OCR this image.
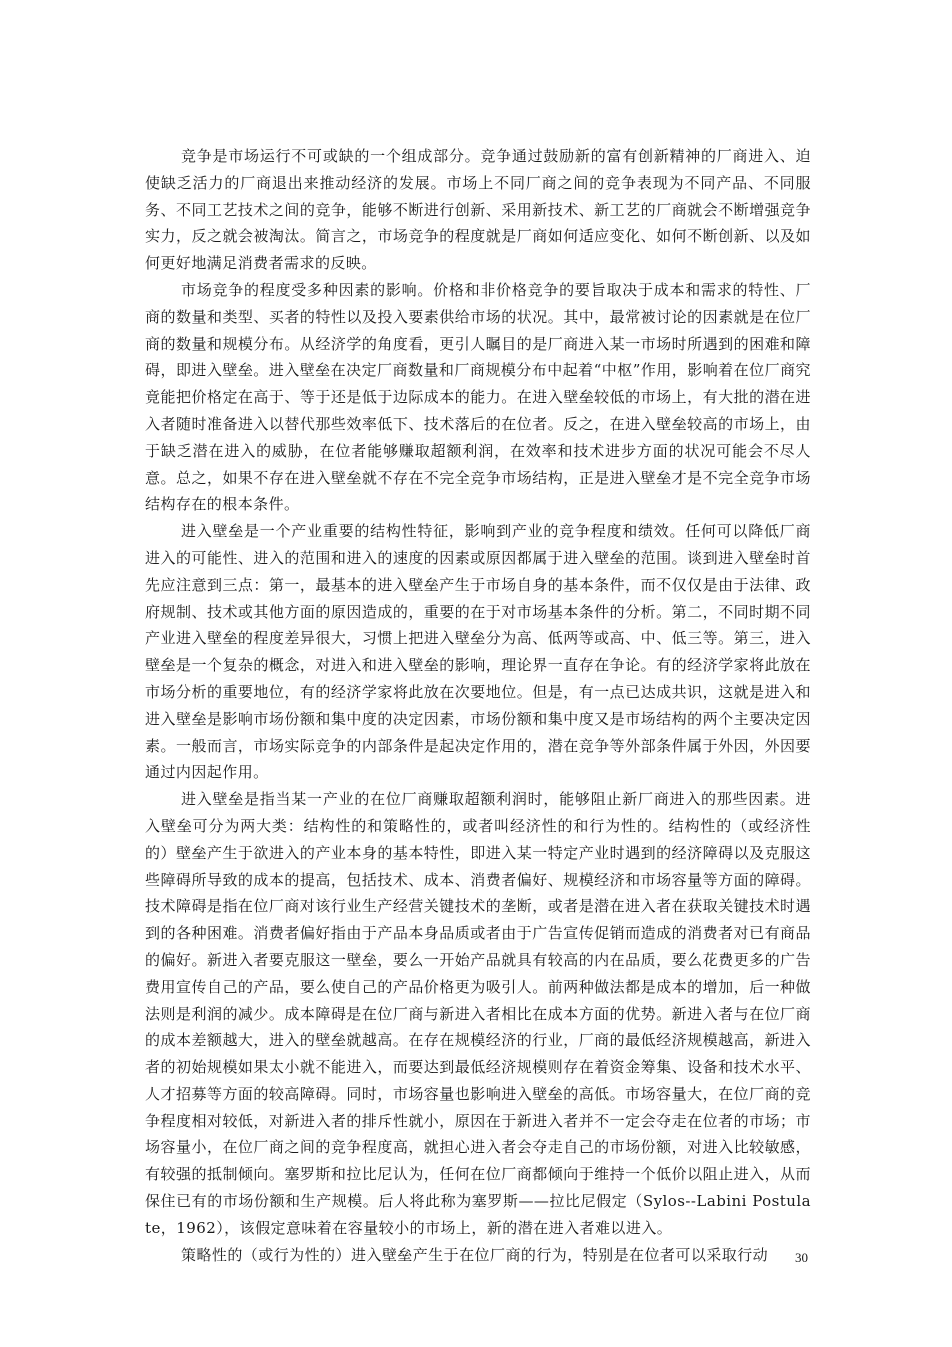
竞争是市场运行不可或缺的一个组成部分。竞争通过鼓励新的富有创新精神的厂商进入、迫使缺乏活力的厂商退出来推动经济的发展。市场上不同厂商之间的竞争表现为不同产品、不同服务、不同工艺技术之间的竞争，能够不断进行创新、采用新技术、新工艺的厂商就会不断增强竞争实力，反之就会被淘汰。简言之，市场竞争的程度就是厂商如何适应变化、如何不断创新、以及如何更好地满足消费者需求的反映。

市场竞争的程度受多种因素的影响。价格和非价格竞争的要旨取决于成本和需求的特性、厂商的数量和类型、买者的特性以及投入要素供给市场的状况。其中，最常被讨论的因素就是在位厂商的数量和规模分布。从经济学的角度看，更引人瞩目的是厂商进入某一市场时所遇到的困难和障碍，即进入壁垒。进入壁垒在决定厂商数量和厂商规模分布中起着“中枢”作用，影响着在位厂商究竟能把价格定在高于、等于还是低于边际成本的能力。在进入壁垒较低的市场上，有大批的潜在进入者随时准备进入以替代那些效率低下、技术落后的在位者。反之，在进入壁垒较高的市场上，由于缺乏潜在进入的威胁，在位者能够赚取超额利润，在效率和技术进步方面的状况可能会不尽人意。总之，如果不存在进入壁垒就不存在不完全竞争市场结构，正是进入壁垒才是不完全竞争市场结构存在的根本条件。

进入壁垒是一个产业重要的结构性特征，影响到产业的竞争程度和绩效。任何可以降低厂商进入的可能性、进入的范围和进入的速度的因素或原因都属于进入壁垒的范围。谈到进入壁垒时首先应注意到三点：第一，最基本的进入壁垒产生于市场自身的基本条件，而不仅仅是由于法律、政府规制、技术或其他方面的原因造成的，重要的在于对市场基本条件的分析。第二，不同时期不同产业进入壁垒的程度差异很大，习惯上把进入壁垒分为高、低两等或高、中、低三等。第三，进入壁垒是一个复杂的概念，对进入和进入壁垒的影响，理论界一直存在争论。有的经济学家将此放在市场分析的重要地位，有的经济学家将此放在次要地位。但是，有一点已达成共识，这就是进入和进入壁垒是影响市场份额和集中度的决定因素，市场份额和集中度又是市场结构的两个主要决定因素。一般而言，市场实际竞争的内部条件是起决定作用的，潜在竞争等外部条件属于外因，外因要通过内因起作用。

进入壁垒是指当某一产业的在位厂商赚取超额利润时，能够阻止新厂商进入的那些因素。进入壁垒可分为两大类：结构性的和策略性的，或者叫经济性的和行为性的。结构性的（或经济性的）壁垒产生于欲进入的产业本身的基本特性，即进入某一特定产业时遇到的经济障碍以及克服这些障碍所导致的成本的提高，包括技术、成本、消费者偏好、规模经济和市场容量等方面的障碍。技术障碍是指在位厂商对该行业生产经营关键技术的垄断，或者是潜在进入者在获取关键技术时遇到的各种困难。消费者偏好指由于产品本身品质或者由于广告宣传促销而造成的消费者对已有商品的偏好。新进入者要克服这一壁垒，要么一开始产品就具有较高的内在品质，要么花费更多的广告费用宣传自己的产品，要么使自己的产品价格更为吸引人。前两种做法都是成本的增加，后一种做法则是利润的减少。成本障碍是在位厂商与新进入者相比在成本方面的优势。新进入者与在位厂商的成本差额越大，进入的壁垒就越高。在存在规模经济的行业，厂商的最低经济规模越高，新进入者的初始规模如果太小就不能进入，而要达到最低经济规模则存在着资金筹集、设备和技术水平、人才招募等方面的较高障碍。同时，市场容量也影响进入壁垒的高低。市场容量大，在位厂商的竞争程度相对较低，对新进入者的排斥性就小，原因在于新进入者并不一定会夺走在位者的市场；市场容量小，在位厂商之间的竞争程度高，就担心进入者会夺走自己的市场份额，对进入比较敏感，有较强的抵制倾向。塞罗斯和拉比尼认为，任何在位厂商都倾向于维持一个低价以阻止进入，从而保住已有的市场份额和生产规模。后人将此称为塞罗斯——拉比尼假定（Sylos--Labini Postulate，1962），该假定意味着在容量较小的市场上，新的潜在进入者难以进入。

策略性的（或行为性的）进入壁垒产生于在位厂商的行为，特别是在位者可以采取行动	30
